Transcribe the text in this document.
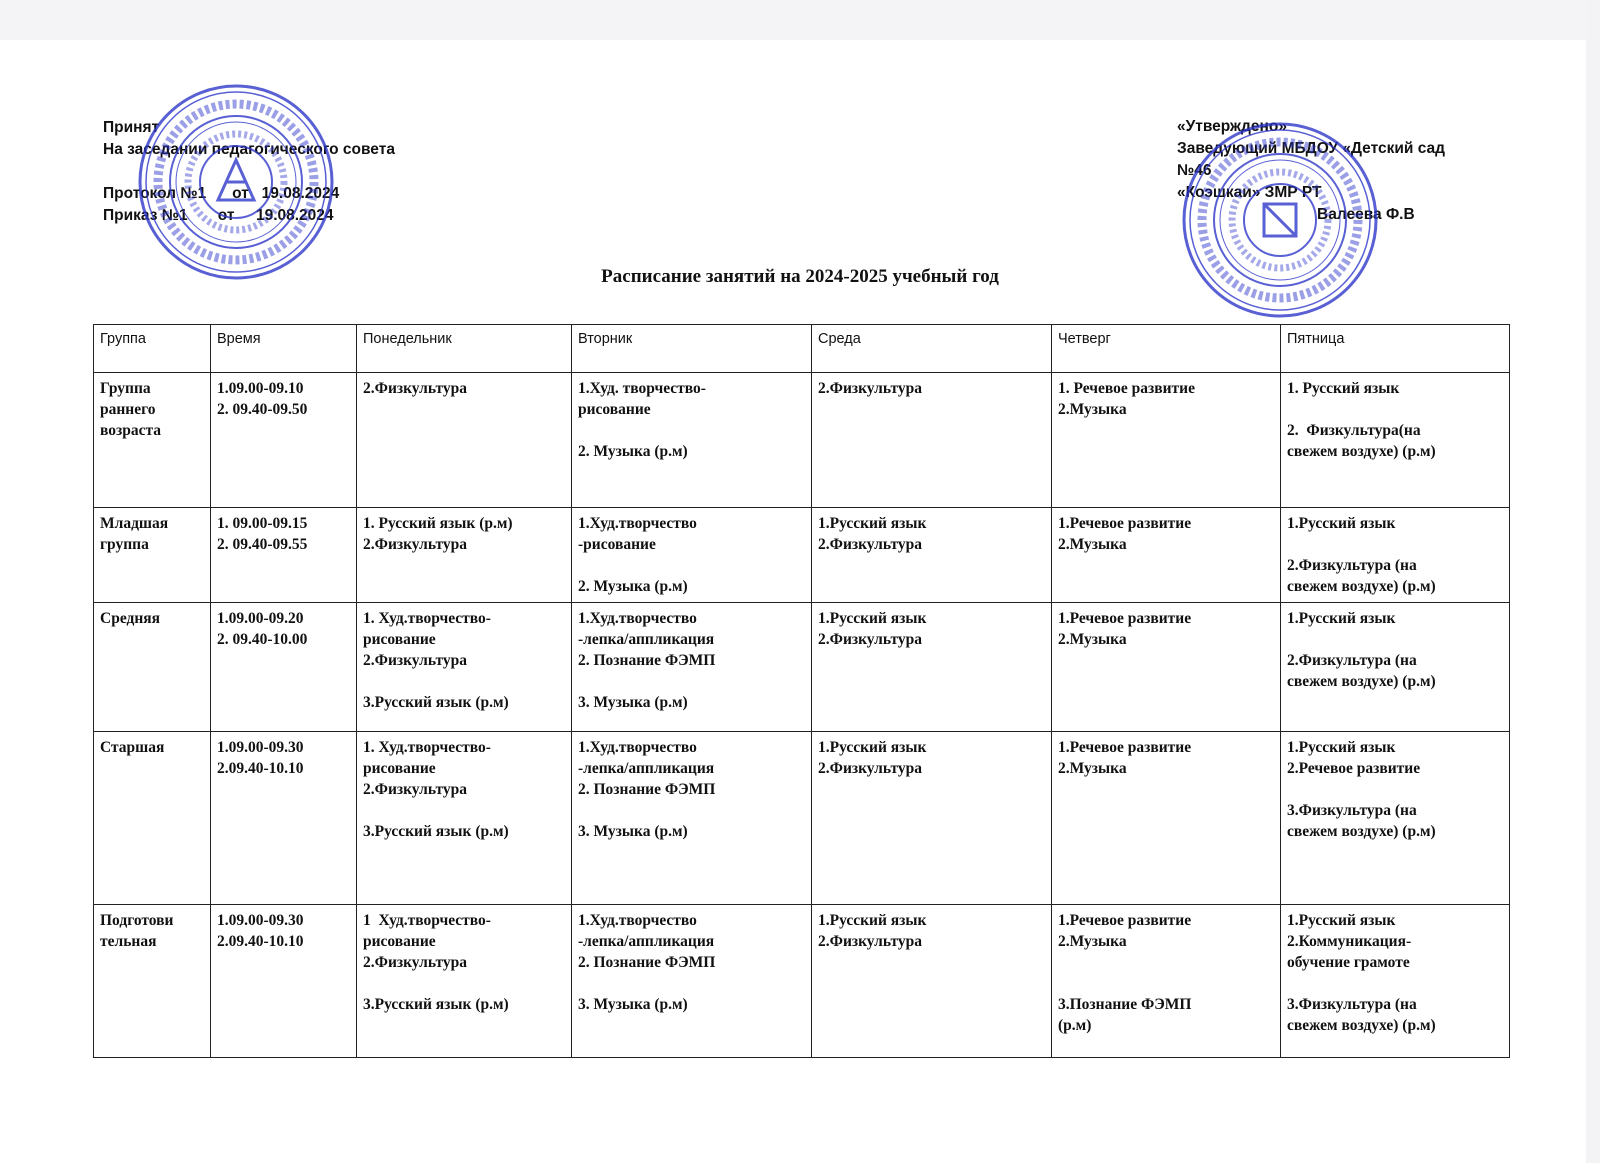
Принят
На заседании педагогического совета
Протокол №1      от   19.08.2024
Приказ №1       от     19.08.2024
«Утверждено»
Заведующий МБДОУ «Детский сад №46
«Коэшкаи» ЗМР РТ
Валеева Ф.В
Расписание занятий на 2024-2025 учебный год
Группа	Время	Понедельник	Вторник	Среда	Четверг	Пятница

Группа
раннего
возраста	1.09.00-09.10
2. 09.40-09.50	2.Физкультура	1.Худ. творчество-
рисование
2. Музыка (р.м)	2.Физкультура	1. Речевое развитие
2.Музыка	1. Русский язык
2.  Физкультура(на
свежем воздухе) (р.м)

Младшая
группа	1. 09.00-09.15
2. 09.40-09.55	1. Русский язык (р.м)
2.Физкультура	1.Худ.творчество
-рисование
2. Музыка (р.м)	1.Русский язык
2.Физкультура	1.Речевое развитие
2.Музыка	1.Русский язык
2.Физкультура (на
свежем воздухе) (р.м)

Средняя	1.09.00-09.20
2. 09.40-10.00	1. Худ.творчество-
рисование
2.Физкультура
3.Русский язык (р.м)	1.Худ.творчество
-лепка/аппликация
2. Познание ФЭМП
3. Музыка (р.м)	1.Русский язык
2.Физкультура	1.Речевое развитие
2.Музыка	1.Русский язык
2.Физкультура (на
свежем воздухе) (р.м)

Старшая	1.09.00-09.30
2.09.40-10.10	1. Худ.творчество-
рисование
2.Физкультура
3.Русский язык (р.м)	1.Худ.творчество
-лепка/аппликация
2. Познание ФЭМП
3. Музыка (р.м)	1.Русский язык
2.Физкультура	1.Речевое развитие
2.Музыка	1.Русский язык
2.Речевое развитие
3.Физкультура (на
свежем воздухе) (р.м)

Подготови
тельная	1.09.00-09.30
2.09.40-10.10	1  Худ.творчество-
рисование
2.Физкультура
3.Русский язык (р.м)	1.Худ.творчество
-лепка/аппликация
2. Познание ФЭМП
3. Музыка (р.м)	1.Русский язык
2.Физкультура	1.Речевое развитие
2.Музыка
3.Познание ФЭМП
(р.м)	1.Русский язык
2.Коммуникация-
обучение грамоте
3.Физкультура (на
свежем воздухе) (р.м)
